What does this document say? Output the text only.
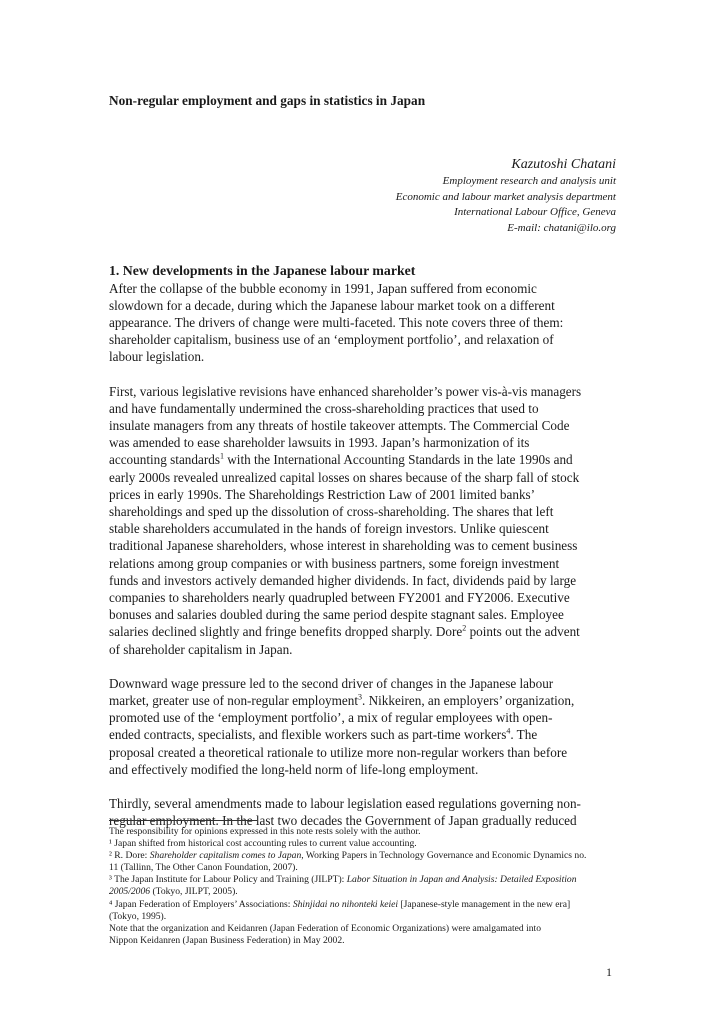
Non-regular employment and gaps in statistics in Japan
Kazutoshi Chatani
Employment research and analysis unit
Economic and labour market analysis department
International Labour Office, Geneva
E-mail: chatani@ilo.org

1. New developments in the Japanese labour market

After the collapse of the bubble economy in 1991, Japan suffered from economic
slowdown for a decade, during which the Japanese labour market took on a different
appearance. The drivers of change were multi-faceted. This note covers three of them:
shareholder capitalism, business use of an ‘employment portfolio’, and relaxation of
labour legislation.

First, various legislative revisions have enhanced shareholder’s power vis-à-vis managers
and have fundamentally undermined the cross-shareholding practices that used to
insulate managers from any threats of hostile takeover attempts. The Commercial Code
was amended to ease shareholder lawsuits in 1993. Japan’s harmonization of its
accounting standards$^1$ with the International Accounting Standards in the late 1990s and
early 2000s revealed unrealized capital losses on shares because of the sharp fall of stock
prices in early 1990s. The Shareholdings Restriction Law of 2001 limited banks’
shareholdings and sped up the dissolution of cross-shareholding. The shares that left
stable shareholders accumulated in the hands of foreign investors. Unlike quiescent
traditional Japanese shareholders, whose interest in shareholding was to cement business
relations among group companies or with business partners, some foreign investment
funds and investors actively demanded higher dividends. In fact, dividends paid by large
companies to shareholders nearly quadrupled between FY2001 and FY2006. Executive
bonuses and salaries doubled during the same period despite stagnant sales. Employee
salaries declined slightly and fringe benefits dropped sharply. Dore$^2$ points out the advent
of shareholder capitalism in Japan.

Downward wage pressure led to the second driver of changes in the Japanese labour
market, greater use of non-regular employment$^3$. Nikkeiren, an employers’ organization,
promoted use of the ‘employment portfolio’, a mix of regular employees with open-
ended contracts, specialists, and flexible workers such as part-time workers$^4$. The
proposal created a theoretical rationale to utilize more non-regular workers than before
and effectively modified the long-held norm of life-long employment.

Thirdly, several amendments made to labour legislation eased regulations governing non-
regular employment. In the last two decades the Government of Japan gradually reduced

The responsibility for opinions expressed in this note rests solely with the author.

¹ Japan shifted from historical cost accounting rules to current value accounting.

² R. Dore: Shareholder capitalism comes to Japan, Working Papers in Technology Governance and Economic Dynamics no.
11 (Tallinn, The Other Canon Foundation, 2007).

³ The Japan Institute for Labour Policy and Training (JILPT): Labor Situation in Japan and Analysis: Detailed Exposition
2005/2006 (Tokyo, JILPT, 2005).

⁴ Japan Federation of Employers’ Associations: Shinjidai no nihonteki keiei [Japanese-style management in the new era]
(Tokyo, 1995).

Note that the organization and Keidanren (Japan Federation of Economic Organizations) were amalgamated into
Nippon Keidanren (Japan Business Federation) in May 2002.

1
